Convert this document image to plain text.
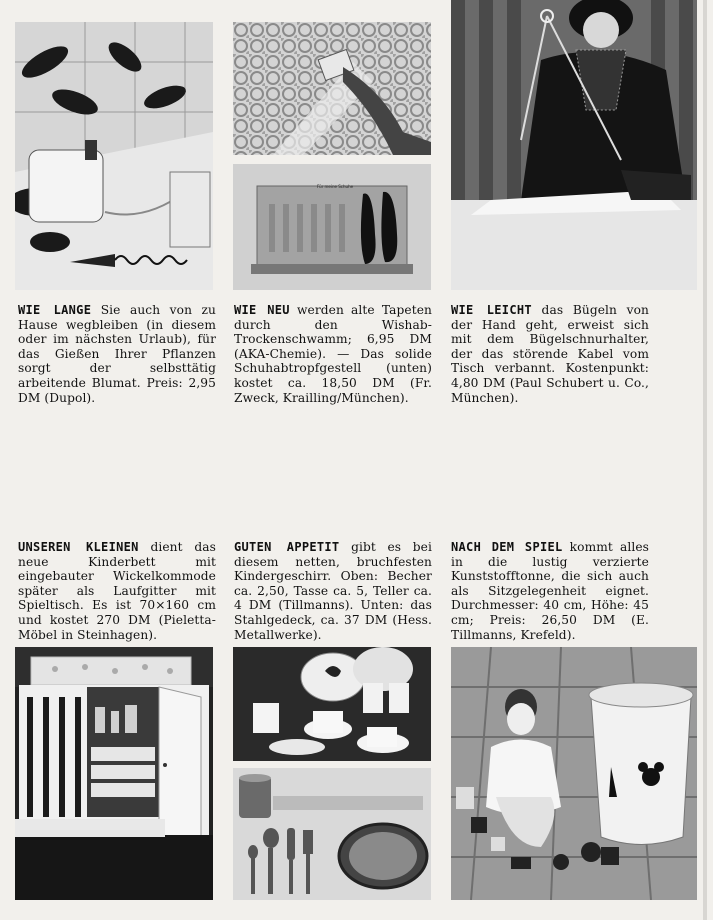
Für meine Schuhe
WIE LANGE Sie auch von zu Hause wegbleiben (in diesem oder im nächsten Urlaub), für das Gießen Ihrer Pflanzen sorgt der selbsttätig arbeitende Blumat. Preis: 2,95 DM (Dupol).
WIE NEU werden alte Tapeten durch den Wishab-Trockenschwamm; 6,95 DM (AKA-Chemie). — Das solide Schuhabtropfgestell (unten) kostet ca. 18,50 DM (Fr. Zweck, Krailling/München).
WIE LEICHT das Bügeln von der Hand geht, erweist sich mit dem Bügelschnurhalter, der das störende Kabel vom Tisch verbannt. Kostenpunkt: 4,80 DM (Paul Schubert u. Co., München).
UNSEREN KLEINEN dient das neue Kinderbett mit eingebauter Wickelkommode später als Laufgitter mit Spieltisch. Es ist 70×160 cm und kostet 270 DM (Pieletta-Möbel in Steinhagen).
GUTEN APPETIT gibt es bei diesem netten, bruchfesten Kindergeschirr. Oben: Becher ca. 2,50, Tasse ca. 5, Teller ca. 4 DM (Tillmanns). Unten: das Stahlgedeck, ca. 37 DM (Hess. Metallwerke).
NACH DEM SPIEL kommt alles in die lustig verzierte Kunststofftonne, die sich auch als Sitzgelegenheit eignet. Durchmesser: 40 cm, Höhe: 45 cm; Preis: 26,50 DM (E. Tillmanns, Krefeld).
